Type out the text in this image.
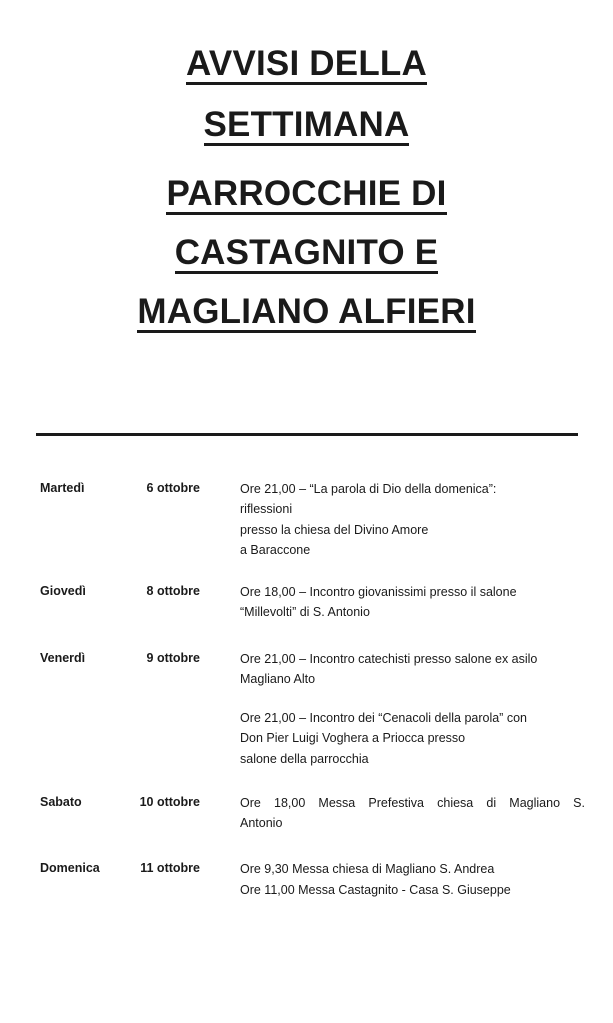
AVVISI DELLA
SETTIMANA
PARROCCHIE DI
CASTAGNITO E
MAGLIANO ALFIERI
Martedì	6 ottobre	Ore 21,00 – “La parola di Dio della domenica”:
riflessioni
presso la chiesa del Divino Amore
a Baraccone
Giovedì	8 ottobre	Ore 18,00 – Incontro giovanissimi presso il salone
“Millevolti” di S. Antonio
Venerdì	9 ottobre	Ore 21,00 – Incontro catechisti presso salone ex asilo
Magliano Alto
Ore 21,00 – Incontro dei “Cenacoli della parola” con
Don Pier Luigi Voghera a Priocca presso
salone della parrocchia
Sabato	10 ottobre	Ore 18,00 Messa Prefestiva chiesa di Magliano S.
Antonio
Domenica	11 ottobre	Ore 9,30 Messa chiesa di Magliano S. Andrea
Ore 11,00 Messa Castagnito - Casa S. Giuseppe
